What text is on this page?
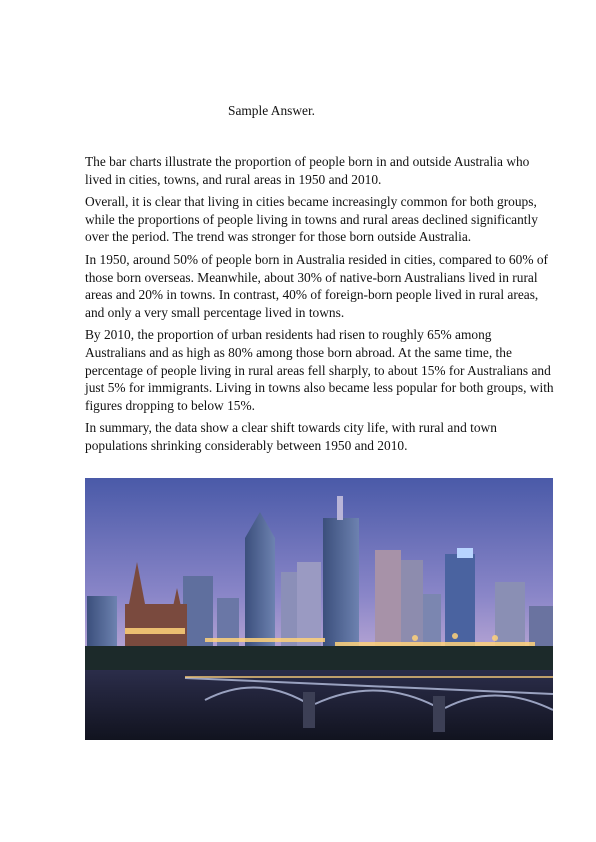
Sample Answer.

The bar charts illustrate the proportion of people born in and outside Australia who lived in cities, towns, and rural areas in 1950 and 2010.

Overall, it is clear that living in cities became increasingly common for both groups, while the proportions of people living in towns and rural areas declined significantly over the period. The trend was stronger for those born outside Australia.

In 1950, around 50% of people born in Australia resided in cities, compared to 60% of those born overseas. Meanwhile, about 30% of native-born Australians lived in rural areas and 20% in towns. In contrast, 40% of foreign-born people lived in rural areas, and only a very small percentage lived in towns.

By 2010, the proportion of urban residents had risen to roughly 65% among Australians and as high as 80% among those born abroad. At the same time, the percentage of people living in rural areas fell sharply, to about 15% for Australians and just 5% for immigrants. Living in towns also became less popular for both groups, with figures dropping to below 15%.

In summary, the data show a clear shift towards city life, with rural and town populations shrinking considerably between 1950 and 2010.
